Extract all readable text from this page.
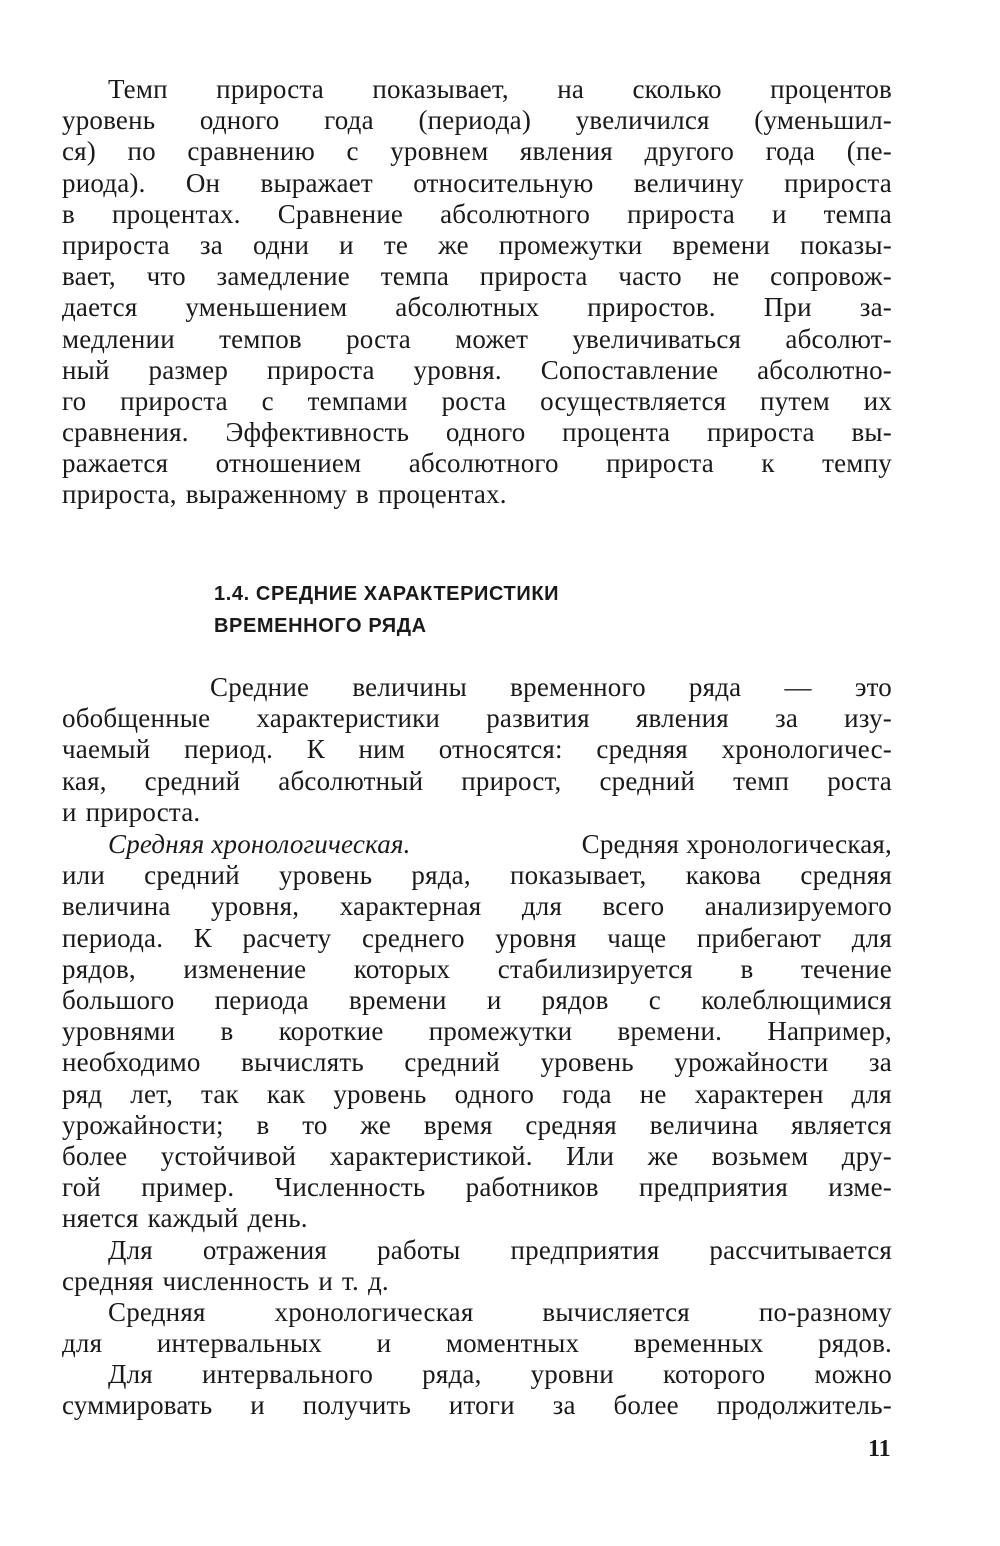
Темп прироста показывает, на сколько процентов
уровень одного года (периода) увеличился (уменьшил-
ся) по сравнению с уровнем явления другого года (пе-
риода). Он выражает относительную величину прироста
в процентах. Сравнение абсолютного прироста и темпа
прироста за одни и те же промежутки времени показы-
вает, что замедление темпа прироста часто не сопровож-
дается уменьшением абсолютных приростов. При за-
медлении темпов роста может увеличиваться абсолют-
ный размер прироста уровня. Сопоставление абсолютно-
го прироста с темпами роста осуществляется путем их
сравнения. Эффективность одного процента прироста вы-
ражается отношением абсолютного прироста к темпу
прироста, выраженному в процентах.
1.4. СРЕДНИЕ ХАРАКТЕРИСТИКИ
ВРЕМЕННОГО РЯДА
Средние величины временного ряда — это
обобщенные характеристики развития явления за изу-
чаемый период. К ним относятся: средняя хронологичес-
кая, средний абсолютный прирост, средний темп роста
и прироста.
Средняя хронологическая.	Средняя хронологическая,
или средний уровень ряда, показывает, какова средняя
величина уровня, характерная для всего анализируемого
периода. К расчету среднего уровня чаще прибегают для
рядов, изменение которых стабилизируется в течение
большого периода времени и рядов с колеблющимися
уровнями в короткие промежутки времени. Например,
необходимо вычислять средний уровень урожайности за
ряд лет, так как уровень одного года не характерен для
урожайности; в то же время средняя величина является
более устойчивой характеристикой. Или же возьмем дру-
гой пример. Численность работников предприятия изме-
няется каждый день.
Для отражения работы предприятия рассчитывается
средняя численность и т. д.
Средняя	хронологическая	вычисляется	по-разному
для интервальных и моментных временных рядов.
Для интервального ряда, уровни которого можно
суммировать и получить итоги за более продолжитель-
11
